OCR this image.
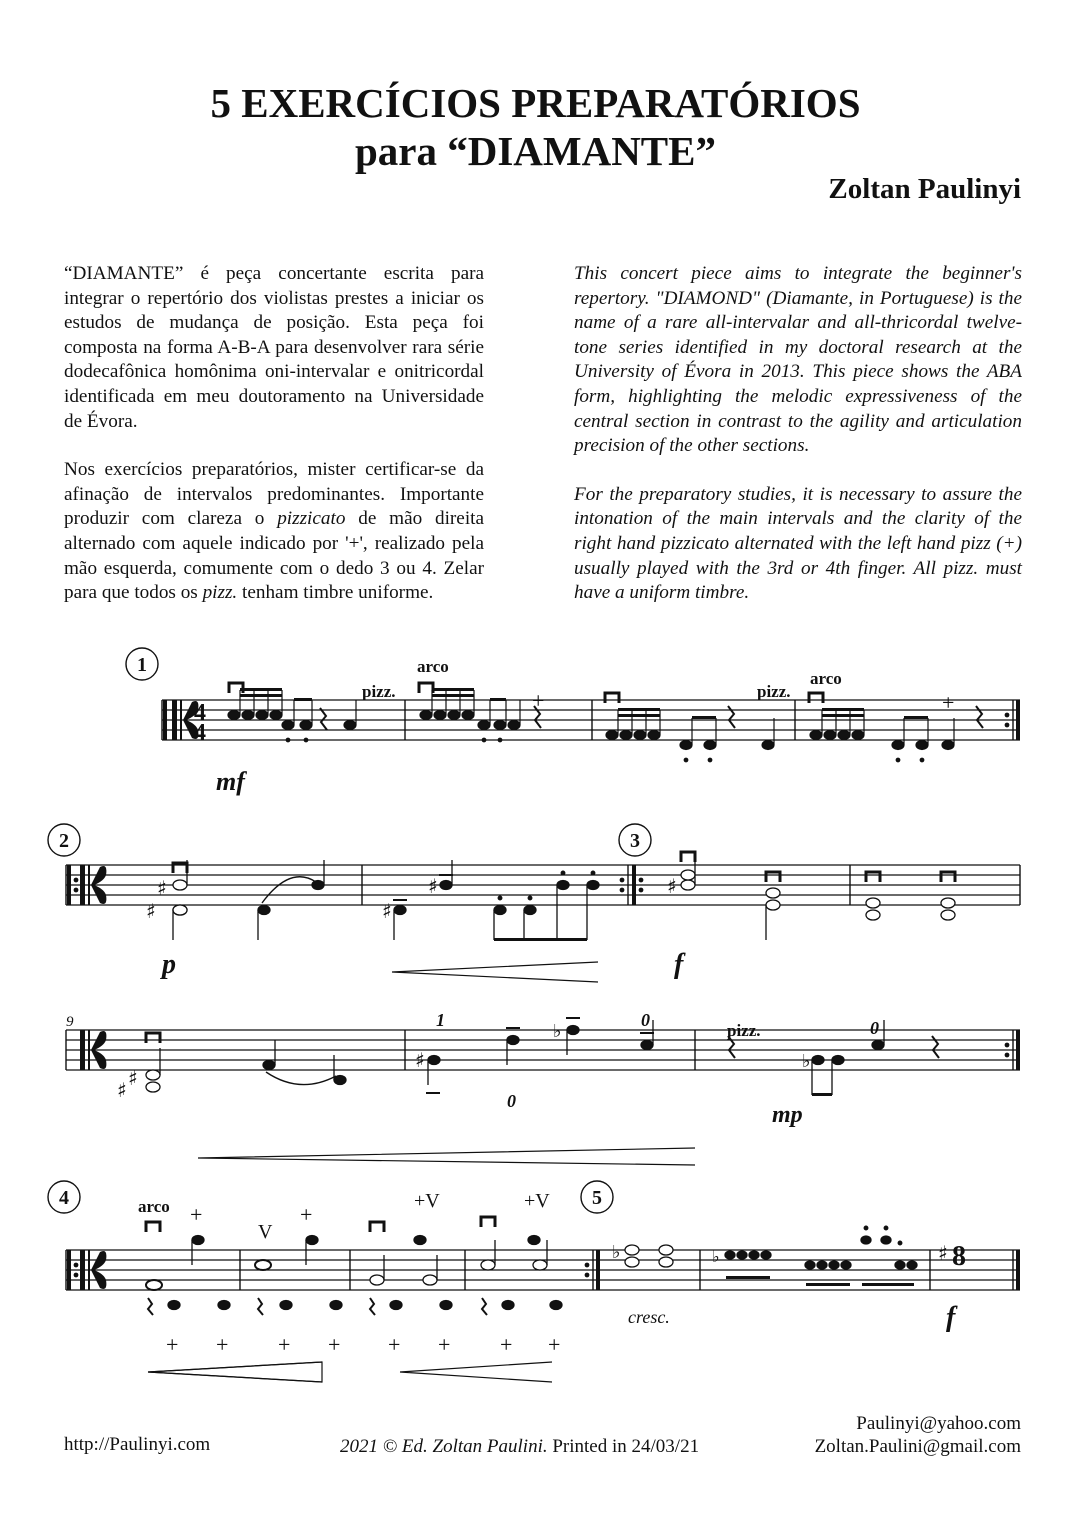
5 EXERCÍCIOS PREPARATÓRIOS
para “DIAMANTE”
Zoltan Paulinyi

“DIAMANTE” é peça concertante escrita para integrar o repertório dos violistas prestes a iniciar os estudos de mudança de posição. Esta peça foi composta na forma A-B-A para desenvolver rara série dodecafônica homônima oni-intervalar e onitricordal identificada em meu doutoramento na Universidade de Évora.

Nos exercícios preparatórios, mister certificar-se da afinação de intervalos predominantes. Importante produzir com clareza o pizzicato de mão direita alternado com aquele indicado por '+', realizado pela mão esquerda, comumente com o dedo 3 ou 4. Zelar para que todos os pizz. tenham timbre uniforme.

This concert piece aims to integrate the beginner's repertory. "DIAMOND" (Diamante, in Portuguese) is the name of a rare all-intervalar and all-thricordal twelve-tone series identified in my doctoral research at the University of Évora in 2013. This piece shows the ABA form, highlighting the melodic expressiveness of the central section in contrast to the agility and articulation precision of the other sections.

For the preparatory studies, it is necessary to assure the intonation of the main intervals and the clarity of the right hand pizzicato alternated with the left hand pizz (+) usually played with the 3rd or 4th finger. All pizz. must have a uniform timbre.

4
4
1
2	3
4	5
mf
pizz.
arco
+	pizz.
arco
+
♯
♯	♯
♯	♯
p	f
♯
♯
♯
♭
♭
9	1
0
0
pizz.	0
mp
♭	♭	♯ 8
arco +
V
+
+V	+V
+ + + + + + + +
cresc.	f
http://Paulinyi.com	2021 © Ed. Zoltan Paulini. Printed in 24/03/21
Paulinyi@yahoo.com
Zoltan.Paulini@gmail.com
